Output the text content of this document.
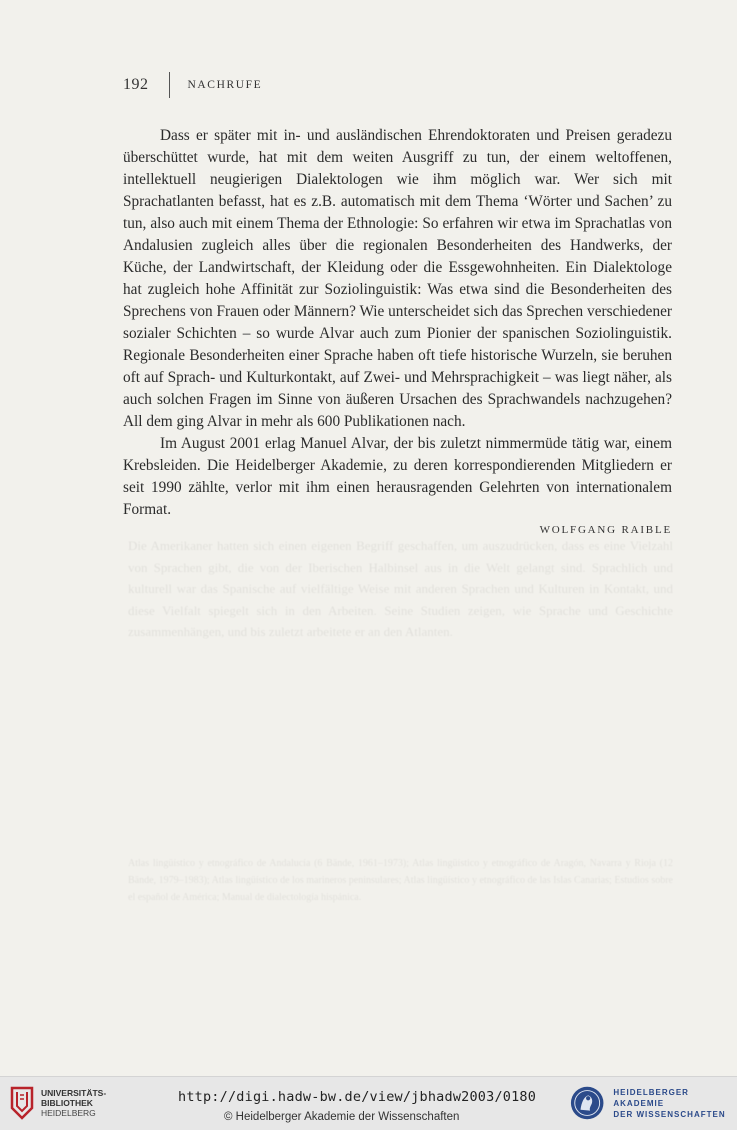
192	NACHRUFE
Die Amerikaner hatten sich einen eigenen Begriff geschaffen, um auszudrücken, dass es eine Vielzahl von Sprachen gibt, die von der Iberischen Halbinsel aus in die Welt gelangt sind. Sprachlich und kulturell war das Spanische auf vielfältige Weise mit anderen Sprachen und Kulturen in Kontakt, und diese Vielfalt spiegelt sich in den Arbeiten. Seine Studien zeigen, wie Sprache und Geschichte zusammenhängen, und bis zuletzt arbeitete er an den Atlanten.
Atlas lingüístico y etnográfico de Andalucía (6 Bände, 1961–1973); Atlas lingüístico y etnográfico de Aragón, Navarra y Rioja (12 Bände, 1979–1983); Atlas lingüístico de los marineros peninsulares; Atlas lingüístico y etnográfico de las Islas Canarias; Estudios sobre el español de América; Manual de dialectología hispánica.

Dass er später mit in- und ausländischen Ehrendoktoraten und Preisen geradezu überschüttet wurde, hat mit dem weiten Ausgriff zu tun, der einem weltoffenen, intellektuell neugierigen Dialektologen wie ihm möglich war. Wer sich mit Sprachatlanten befasst, hat es z.B. automatisch mit dem Thema ‘Wörter und Sachen’ zu tun, also auch mit einem Thema der Ethnologie: So erfahren wir etwa im Sprachatlas von Andalusien zugleich alles über die regionalen Besonderheiten des Handwerks, der Küche, der Landwirtschaft, der Kleidung oder die Essgewohnheiten. Ein Dialektologe hat zugleich hohe Affinität zur Soziolinguistik: Was etwa sind die Besonderheiten des Sprechens von Frauen oder Männern? Wie unterscheidet sich das Sprechen verschiedener sozialer Schichten – so wurde Alvar auch zum Pionier der spanischen Soziolinguistik. Regionale Besonderheiten einer Sprache haben oft tiefe historische Wurzeln, sie beruhen oft auf Sprach- und Kulturkontakt, auf Zwei- und Mehrsprachigkeit – was liegt näher, als auch solchen Fragen im Sinne von äußeren Ursachen des Sprachwandels nachzugehen? All dem ging Alvar in mehr als 600 Publikationen nach.

Im August 2001 erlag Manuel Alvar, der bis zuletzt nimmermüde tätig war, einem Krebsleiden. Die Heidelberger Akademie, zu deren korrespondierenden Mitgliedern er seit 1990 zählte, verlor mit ihm einen herausragenden Gelehrten von internationalem Format.

WOLFGANG RAIBLE
UNIVERSITÄTS-
BIBLIOTHEK
HEIDELBERG
http://digi.hadw-bw.de/view/jbhadw2003/0180
© Heidelberger Akademie der Wissenschaften
HEIDELBERGER AKADEMIE
DER WISSENSCHAFTEN
